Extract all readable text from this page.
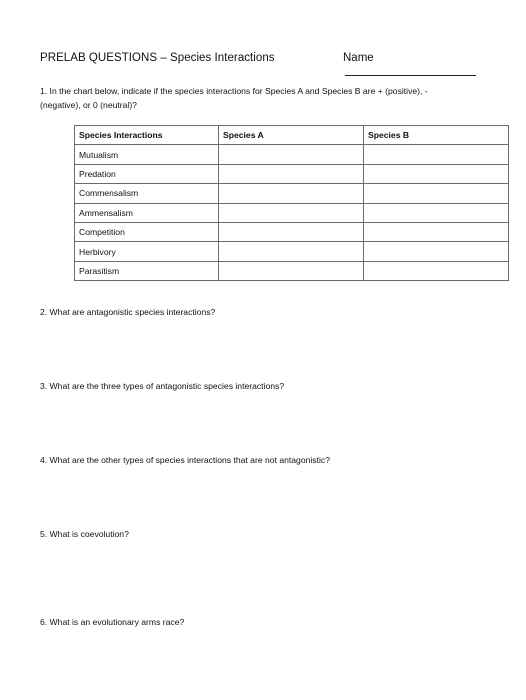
PRELAB QUESTIONS – Species Interactions	Name
1. In the chart below, indicate if the species interactions for Species A and Species B are + (positive), - (negative), or 0 (neutral)?
Species Interactions	Species A	Species B
Mutualism		
Predation		
Commensalism		
Ammensalism		
Competition		
Herbivory		
Parasitism		
2. What are antagonistic species interactions?
3. What are the three types of antagonistic species interactions?
4. What are the other types of species interactions that are not antagonistic?
5. What is coevolution?
6. What is an evolutionary arms race?
